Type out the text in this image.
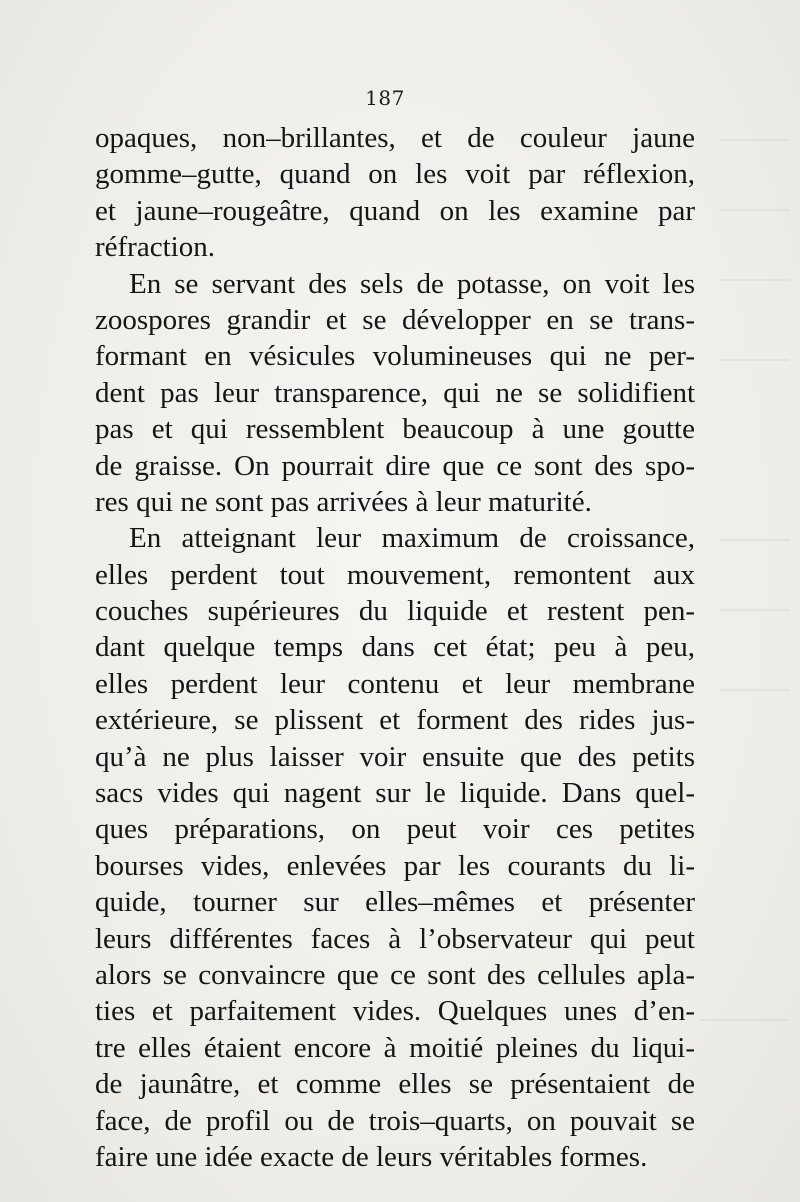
187
opaques, non–brillantes, et de couleur jaune
gomme–gutte, quand on les voit par réflexion,
et jaune–rougeâtre, quand on les examine par
réfraction.
En se servant des sels de potasse, on voit les
zoospores grandir et se développer en se trans-
formant en vésicules volumineuses qui ne per-
dent pas leur transparence, qui ne se solidifient
pas et qui ressemblent beaucoup à une goutte
de graisse. On pourrait dire que ce sont des spo-
res qui ne sont pas arrivées à leur maturité.
En atteignant leur maximum de croissance,
elles perdent tout mouvement, remontent aux
couches supérieures du liquide et restent pen-
dant quelque temps dans cet état; peu à peu,
elles perdent leur contenu et leur membrane
extérieure, se plissent et forment des rides jus-
qu’à ne plus laisser voir ensuite que des petits
sacs vides qui nagent sur le liquide. Dans quel-
ques préparations, on peut voir ces petites
bourses vides, enlevées par les courants du li-
quide, tourner sur elles–mêmes et présenter
leurs différentes faces à l’observateur qui peut
alors se convaincre que ce sont des cellules apla-
ties et parfaitement vides. Quelques unes d’en-
tre elles étaient encore à moitié pleines du liqui-
de jaunâtre, et comme elles se présentaient de
face, de profil ou de trois–quarts, on pouvait se
faire une idée exacte de leurs véritables formes.
